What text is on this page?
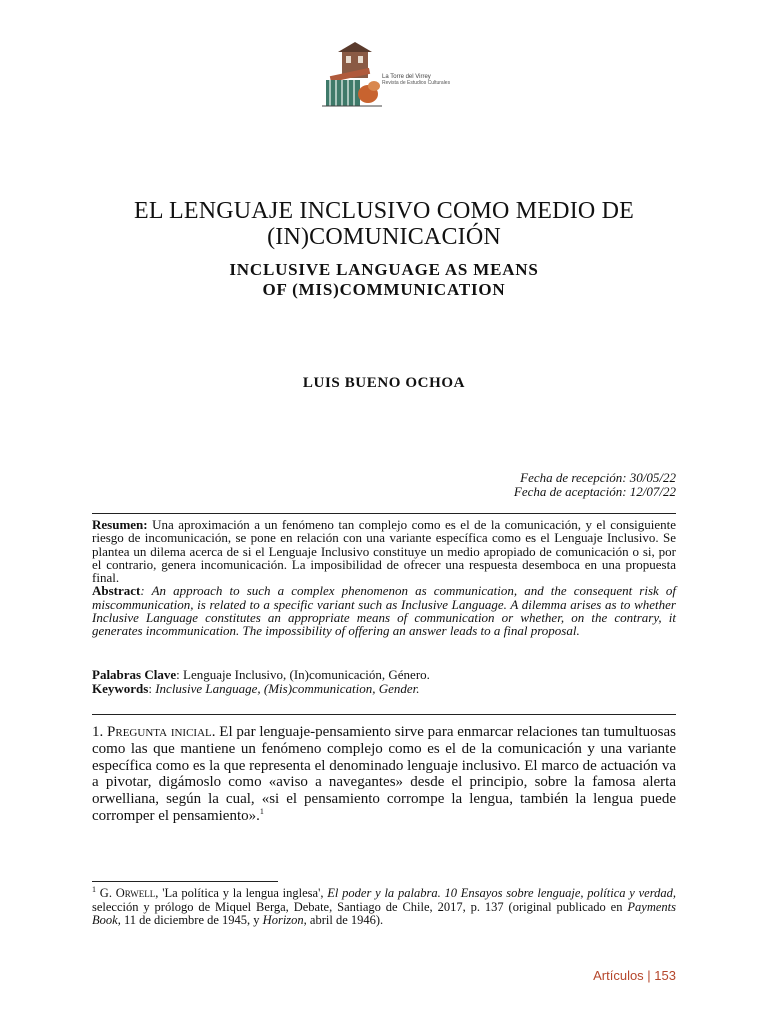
La Torre del Virrey
Revista de Estudios Culturales
EL LENGUAJE INCLUSIVO COMO MEDIO DE
(IN)COMUNICACIÓN
INCLUSIVE LANGUAGE AS MEANS
OF (MIS)COMMUNICATION
LUIS BUENO OCHOA
Fecha de recepción: 30/05/22
Fecha de aceptación: 12/07/22

Resumen: Una aproximación a un fenómeno tan complejo como es el de la comunicación, y el consiguiente riesgo de incomunicación, se pone en relación con una variante específica como es el Lenguaje Inclusivo. Se plantea un dilema acerca de si el Lenguaje Inclusivo constituye un medio apropiado de comunicación o si, por el contrario, genera incomunicación. La imposibilidad de ofrecer una respuesta desemboca en una propuesta final.

Abstract: An approach to such a complex phenomenon as communication, and the consequent risk of miscommunication, is related to a specific variant such as Inclusive Language. A dilemma arises as to whether Inclusive Language constitutes an appropriate means of communication or whether, on the contrary, it generates incommunication. The impossibility of offering an answer leads to a final proposal.

Palabras Clave: Lenguaje Inclusivo, (In)comunicación, Género.

Keywords: Inclusive Language, (Mis)communication, Gender.

1. Pregunta inicial. El par lenguaje-pensamiento sirve para enmarcar relaciones tan tumultuosas como las que mantiene un fenómeno complejo como es el de la comunicación y una variante específica como es la que representa el denominado lenguaje inclusivo. El marco de actuación va a pivotar, digámoslo como «aviso a navegantes» desde el principio, sobre la famosa alerta orwelliana, según la cual, «si el pensamiento corrompe la lengua, también la lengua puede corromper el pensamiento».$^1$

$^1$ G. Orwell, 'La política y la lengua inglesa', El poder y la palabra. 10 Ensayos sobre lenguaje, política y verdad, selección y prólogo de Miquel Berga, Debate, Santiago de Chile, 2017, p. 137 (original publicado en Payments Book, 11 de diciembre de 1945, y Horizon, abril de 1946).

Artículos | 153
